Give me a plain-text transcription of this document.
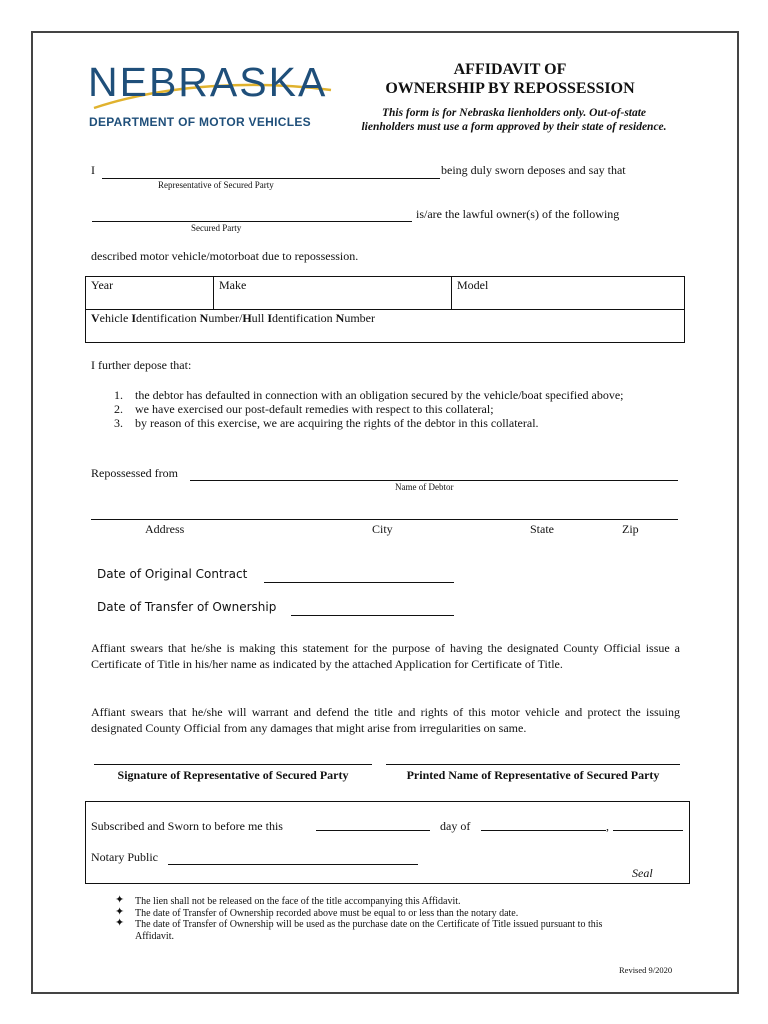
NEBRASKA
DEPARTMENT OF MOTOR VEHICLES
AFFIDAVIT OF
OWNERSHIP BY REPOSSESSION
This form is for Nebraska lienholders only. Out-of-state lienholders must use a form approved by their state of residence.
I	being duly sworn deposes and say that
Representative of Secured Party
is/are the lawful owner(s) of the following
Secured Party
described motor vehicle/motorboat due to repossession.
Year	Make	Model
Vehicle Identification Number/Hull Identification Number
I further depose that:
1. the debtor has defaulted in connection with an obligation secured by the vehicle/boat specified above;
2. we have exercised our post-default remedies with respect to this collateral;
3. by reason of this exercise, we are acquiring the rights of the debtor in this collateral.
Repossessed from
Name of Debtor
Address	City	State	Zip
Date of Original Contract
Date of Transfer of Ownership
Affiant swears that he/she is making this statement for the purpose of having the designated County Official issue a Certificate of Title in his/her name as indicated by the attached Application for Certificate of Title.
Affiant swears that he/she will warrant and defend the title and rights of this motor vehicle and protect the issuing designated County Official from any damages that might arise from irregularities on same.
Signature of Representative of Secured Party	Printed Name of Representative of Secured Party
Subscribed and Sworn to before me this	day of	,
Notary Public
Seal
✦ The lien shall not be released on the face of the title accompanying this Affidavit.
✦ The date of Transfer of Ownership recorded above must be equal to or less than the notary date.
✦ The date of Transfer of Ownership will be used as the purchase date on the Certificate of Title issued pursuant to this Affidavit.
Revised 9/2020
